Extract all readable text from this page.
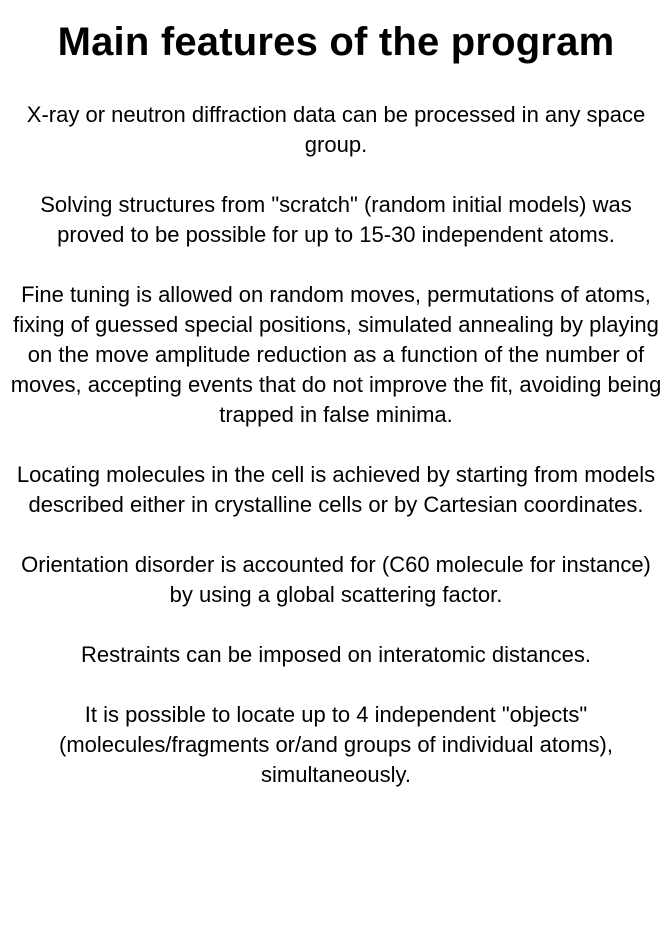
Main features of the program
X-ray or neutron diffraction data can be processed in any space group.
Solving structures from "scratch" (random initial models) was proved to be possible for up to 15-30 independent atoms.
Fine tuning is allowed on random moves, permutations of atoms, fixing of guessed special positions, simulated annealing by playing on the move amplitude reduction as a function of the number of moves, accepting events that do not improve the fit, avoiding being trapped in false minima.
Locating molecules in the cell is achieved by starting from models described either in crystalline cells or by Cartesian coordinates.
Orientation disorder is accounted for (C60 molecule for instance) by using a global scattering factor.
Restraints can be imposed on interatomic distances.
It is possible to locate up to 4 independent "objects" (molecules/fragments or/and groups of individual atoms), simultaneously.
